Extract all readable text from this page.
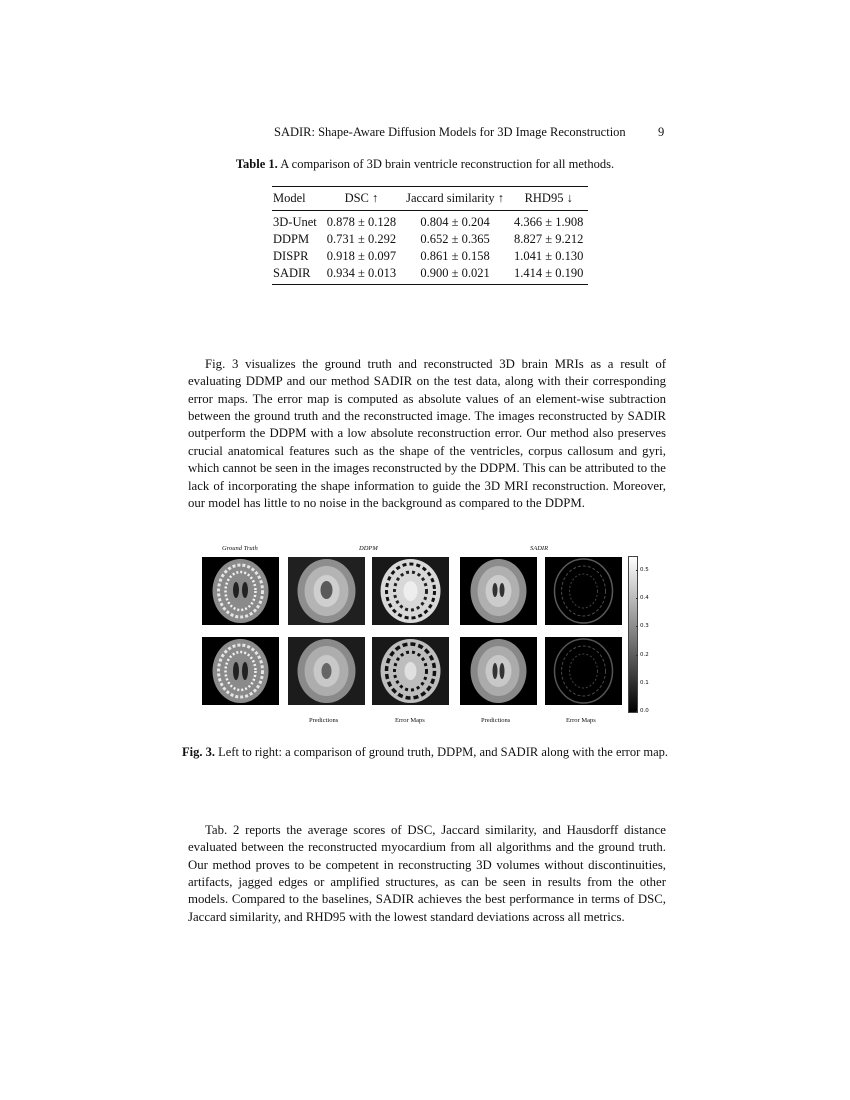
SADIR: Shape-Aware Diffusion Models for 3D Image Reconstruction	9
Table 1. A comparison of 3D brain ventricle reconstruction for all methods.
Model	DSC ↑	Jaccard similarity ↑	RHD95 ↓
3D-Unet	0.878 ± 0.128	0.804 ± 0.204	4.366 ± 1.908
DDPM	0.731 ± 0.292	0.652 ± 0.365	8.827 ± 9.212
DISPR	0.918 ± 0.097	0.861 ± 0.158	1.041 ± 0.130
SADIR	0.934 ± 0.013	0.900 ± 0.021	1.414 ± 0.190

Fig. 3 visualizes the ground truth and reconstructed 3D brain MRIs as a result of evaluating DDMP and our method SADIR on the test data, along with their corresponding error maps. The error map is computed as absolute values of an element-wise subtraction between the ground truth and the reconstructed image. The images reconstructed by SADIR outperform the DDPM with a low absolute reconstruction error. Our method also preserves crucial anatomical features such as the shape of the ventricles, corpus callosum and gyri, which cannot be seen in the images reconstructed by the DDPM. This can be attributed to the lack of incorporating the shape information to guide the 3D MRI reconstruction. Moreover, our model has little to no noise in the background as compared to the DDPM.

Ground Truth	DDPM	SADIR
Predictions	Error Maps	Predictions	Error Maps
0.5
0.4
0.3
0.2
0.1
0.0
Fig. 3. Left to right: a comparison of ground truth, DDPM, and SADIR along with the error map.

Tab. 2 reports the average scores of DSC, Jaccard similarity, and Hausdorff distance evaluated between the reconstructed myocardium from all algorithms and the ground truth. Our method proves to be competent in reconstructing 3D volumes without discontinuities, artifacts, jagged edges or amplified structures, as can be seen in results from the other models. Compared to the baselines, SADIR achieves the best performance in terms of DSC, Jaccard similarity, and RHD95 with the lowest standard deviations across all metrics.
